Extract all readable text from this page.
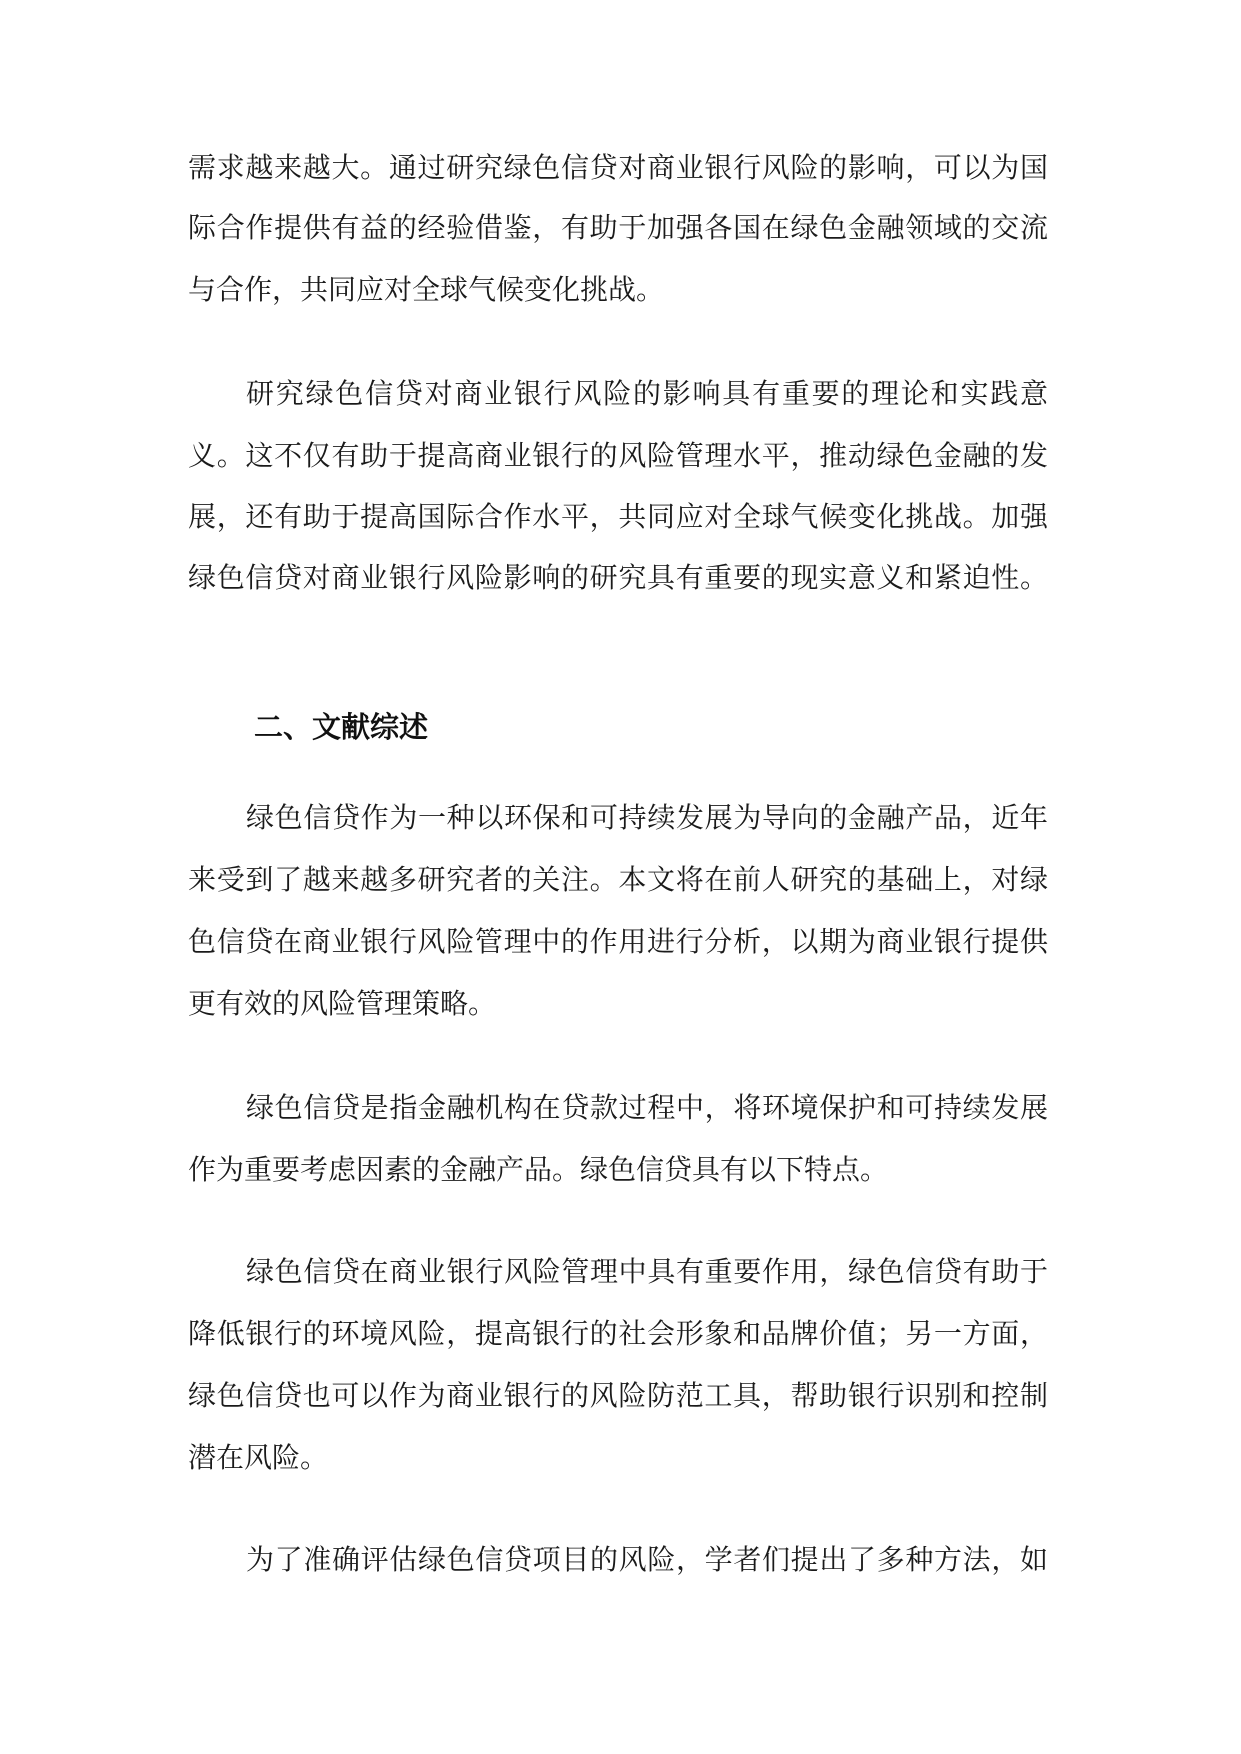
需求越来越大。通过研究绿色信贷对商业银行风险的影响，可以为国
际合作提供有益的经验借鉴，有助于加强各国在绿色金融领域的交流
与合作，共同应对全球气候变化挑战。
研究绿色信贷对商业银行风险的影响具有重要的理论和实践意
义。这不仅有助于提高商业银行的风险管理水平，推动绿色金融的发
展，还有助于提高国际合作水平，共同应对全球气候变化挑战。加强
绿色信贷对商业银行风险影响的研究具有重要的现实意义和紧迫性。
二、文献综述
绿色信贷作为一种以环保和可持续发展为导向的金融产品，近年
来受到了越来越多研究者的关注。本文将在前人研究的基础上，对绿
色信贷在商业银行风险管理中的作用进行分析，以期为商业银行提供
更有效的风险管理策略。
绿色信贷是指金融机构在贷款过程中，将环境保护和可持续发展
作为重要考虑因素的金融产品。绿色信贷具有以下特点。
绿色信贷在商业银行风险管理中具有重要作用，绿色信贷有助于
降低银行的环境风险，提高银行的社会形象和品牌价值；另一方面，
绿色信贷也可以作为商业银行的风险防范工具，帮助银行识别和控制
潜在风险。
为了准确评估绿色信贷项目的风险，学者们提出了多种方法，如
